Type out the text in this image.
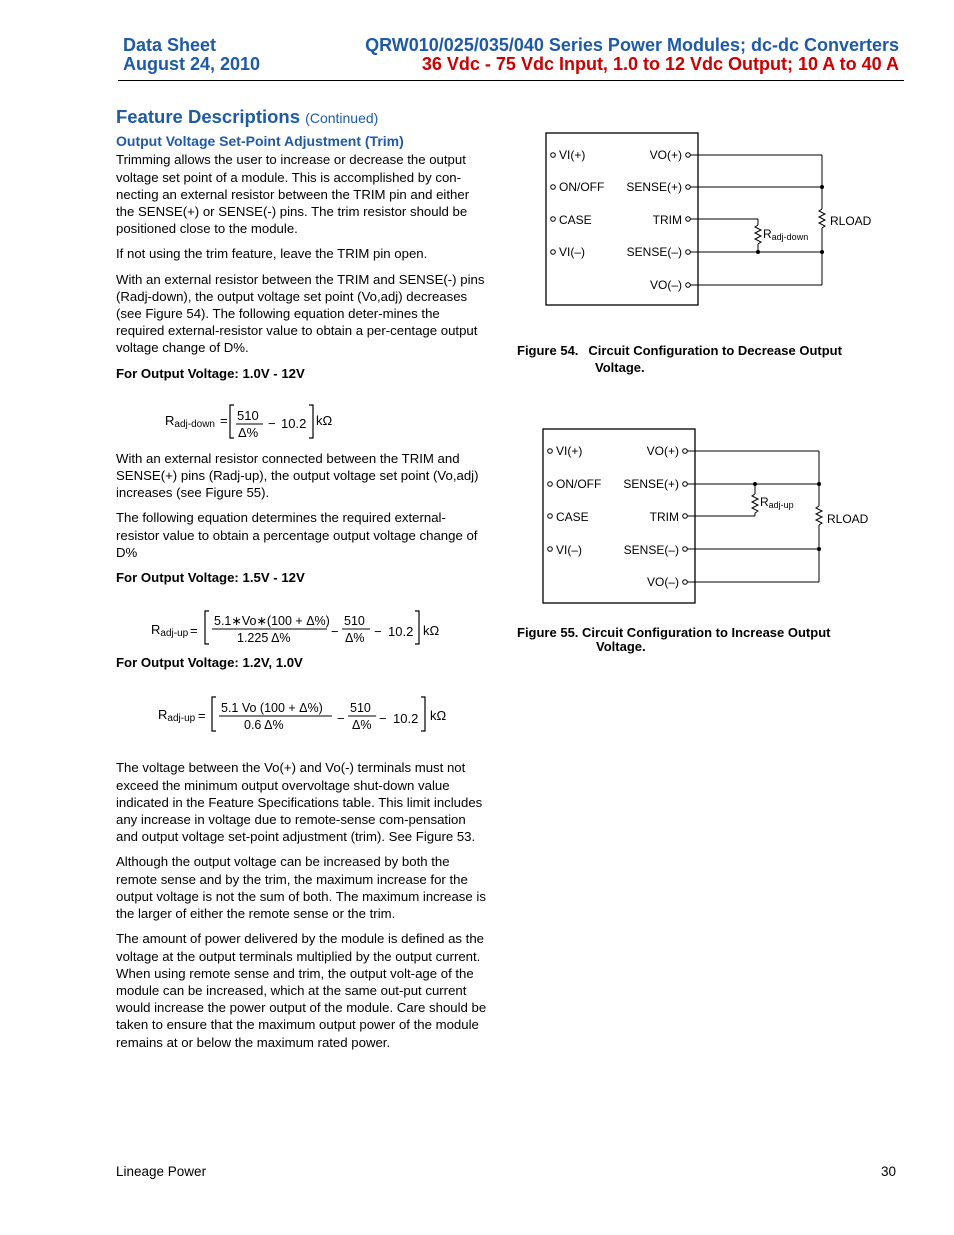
Data Sheet
August 24, 2010
QRW010/025/035/040 Series Power Modules; dc-dc Converters
36 Vdc - 75 Vdc Input, 1.0 to 12 Vdc Output; 10 A to 40 A
Feature Descriptions (Continued)
Output Voltage Set-Point Adjustment (Trim)

Trimming allows the user to increase or decrease the output voltage set point of a module. This is accomplished by con-necting an external resistor between the TRIM pin and either the SENSE(+) or SENSE(-) pins. The trim resistor should be positioned close to the module.

If not using the trim feature, leave the TRIM pin open.

With an external resistor between the TRIM and SENSE(-) pins (Radj-down), the output voltage set point (Vo,adj) decreases (see Figure 54). The following equation deter-mines the required external-resistor value to obtain a per-centage output voltage change of D%.

For Output Voltage: 1.0V - 12V

Radj-down = 510
Δ%
− 10.2 kΩ

With an external resistor connected between the TRIM and SENSE(+) pins (Radj-up), the output voltage set point (Vo,adj) increases (see Figure 55).

The following equation determines the required external-resistor value to obtain a percentage output voltage change of D%

For Output Voltage: 1.5V - 12V

Radj-up =
5.1∗Vo∗(100 + Δ%)
1.225 Δ%	−
510
Δ% − 10.2 kΩ

For Output Voltage: 1.2V, 1.0V

Radj-up = 5.1 Vo (100 + Δ%)
0.6 Δ%	−
510
Δ% − 10.2 kΩ

The voltage between the Vo(+) and Vo(-) terminals must not exceed the minimum output overvoltage shut-down value indicated in the Feature Specifications table. This limit includes any increase in voltage due to remote-sense com-pensation and output voltage set-point adjustment (trim). See Figure 53.

Although the output voltage can be increased by both the remote sense and by the trim, the maximum increase for the output voltage is not the sum of both. The maximum increase is the larger of either the remote sense or the trim.

The amount of power delivered by the module is defined as the voltage at the output terminals multiplied by the output current. When using remote sense and trim, the output volt-age of the module can be increased, which at the same out-put current would increase the power output of the module. Care should be taken to ensure that the maximum output power of the module remains at or below the maximum rated power.

VI(+)
ON/OFF
CASE
VI(–)
VO(+)
SENSE(+)
TRIM
SENSE(–)
VO(–)
Radj-down
RLOAD
Figure 54. Circuit Configuration to Decrease Output
Voltage.
VI(+)
ON/OFF
CASE
VI(–)
VO(+)
SENSE(+)
TRIM
SENSE(–)
VO(–)
Radj-up
RLOAD
Figure 55. Circuit Configuration to Increase Output
Voltage.
Lineage Power	30
